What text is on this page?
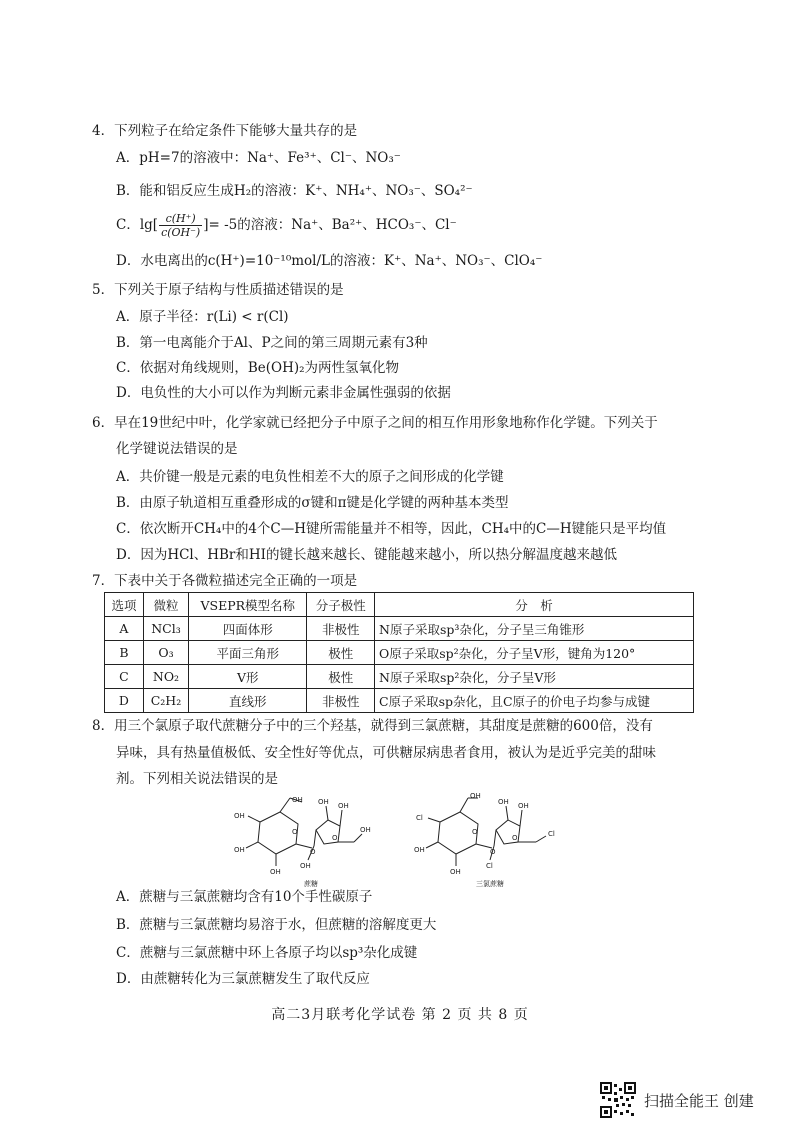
4．下列粒子在给定条件下能够大量共存的是
A．pH=7的溶液中：Na⁺、Fe³⁺、Cl⁻、NO₃⁻
B．能和铝反应生成H₂的溶液：K⁺、NH₄⁺、NO₃⁻、SO₄²⁻
C．$\lg[ \frac{c(H^+)}{c(OH^-)}$ ]= -5的溶液：Na⁺、Ba²⁺、HCO₃⁻、Cl⁻
D．水电离出的c(H⁺)=10⁻¹⁰mol/L的溶液：K⁺、Na⁺、NO₃⁻、ClO₄⁻
5．下列关于原子结构与性质描述错误的是
A．原子半径：r(Li) < r(Cl)
B．第一电离能介于Al、P之间的第三周期元素有3种
C．依据对角线规则，Be(OH)₂为两性氢氧化物
D．电负性的大小可以作为判断元素非金属性强弱的依据
6．早在19世纪中叶，化学家就已经把分子中原子之间的相互作用形象地称作化学键。下列关于
化学键说法错误的是
A．共价键一般是元素的电负性相差不大的原子之间形成的化学键
B．由原子轨道相互重叠形成的σ键和π键是化学键的两种基本类型
C．依次断开CH₄中的4个C—H键所需能量并不相等，因此，CH₄中的C—H键能只是平均值
D．因为HCl、HBr和HI的键长越来越长、键能越来越小，所以热分解温度越来越低
7．下表中关于各微粒描述完全正确的一项是
选项	微粒	VSEPR模型名称	分子极性	分　析
A	NCl₃	四面体形	非极性	N原子采取sp³杂化，分子呈三角锥形
B	O₃	平面三角形	极性	O原子采取sp²杂化，分子呈V形，键角为120°
C	NO₂	V形	极性	N原子采取sp²杂化，分子呈V形
D	C₂H₂	直线形	非极性	C原子采取sp杂化，且C原子的价电子均参与成键
8．用三个氯原子取代蔗糖分子中的三个羟基，就得到三氯蔗糖，其甜度是蔗糖的600倍，没有
异味，具有热量值极低、安全性好等优点，可供糖尿病患者食用，被认为是近乎完美的甜味
剂。下列相关说法错误的是
OH
OH
OH
OH
O
O
O
OH OH
OH
OH
蔗糖
OH
Cl
OH
OH
O
O
O
OH OH
Cl
Cl
三氯蔗糖
A．蔗糖与三氯蔗糖均含有10个手性碳原子
B．蔗糖与三氯蔗糖均易溶于水，但蔗糖的溶解度更大
C．蔗糖与三氯蔗糖中环上各原子均以sp³杂化成键
D．由蔗糖转化为三氯蔗糖发生了取代反应
高二3月联考化学试卷 第 2 页 共 8 页
扫描全能王 创建
